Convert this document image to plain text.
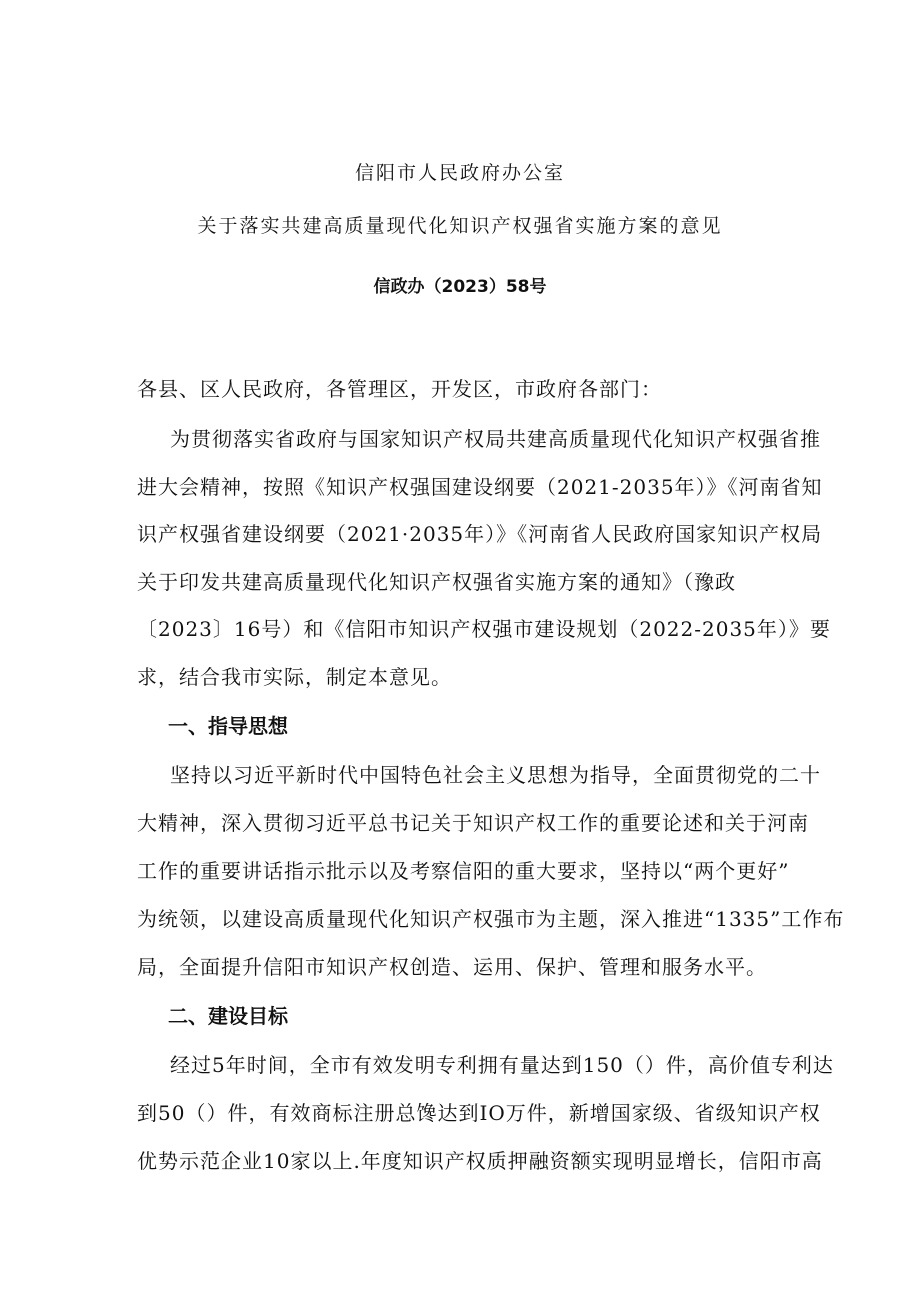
信阳市人民政府办公室
关于落实共建高质量现代化知识产权强省实施方案的意见
信政办（2023）58号
各县、区人民政府，各管理区，开发区，市政府各部门：
为贯彻落实省政府与国家知识产权局共建高质量现代化知识产权强省推
进大会精神，按照《知识产权强国建设纲要（2021-2035年）》《河南省知
识产权强省建设纲要（2021·2035年）》《河南省人民政府国家知识产权局
关于印发共建高质量现代化知识产权强省实施方案的通知》（豫政
〔2023〕16号）和《信阳市知识产权强市建设规划（2022-2035年）》要
求，结合我市实际，制定本意见。
一、指导思想
坚持以习近平新时代中国特色社会主义思想为指导，全面贯彻党的二十
大精神，深入贯彻习近平总书记关于知识产权工作的重要论述和关于河南
工作的重要讲话指示批示以及考察信阳的重大要求，坚持以“两个更好”
为统领，以建设高质量现代化知识产权强市为主题，深入推进“1335”工作布
局，全面提升信阳市知识产权创造、运用、保护、管理和服务水平。
二、建设目标
经过5年时间，全市有效发明专利拥有量达到150（）件，高价值专利达
到50（）件，有效商标注册总馋达到IO万件，新增国家级、省级知识产权
优势示范企业10家以上.年度知识产权质押融资额实现明显增长，信阳市高
